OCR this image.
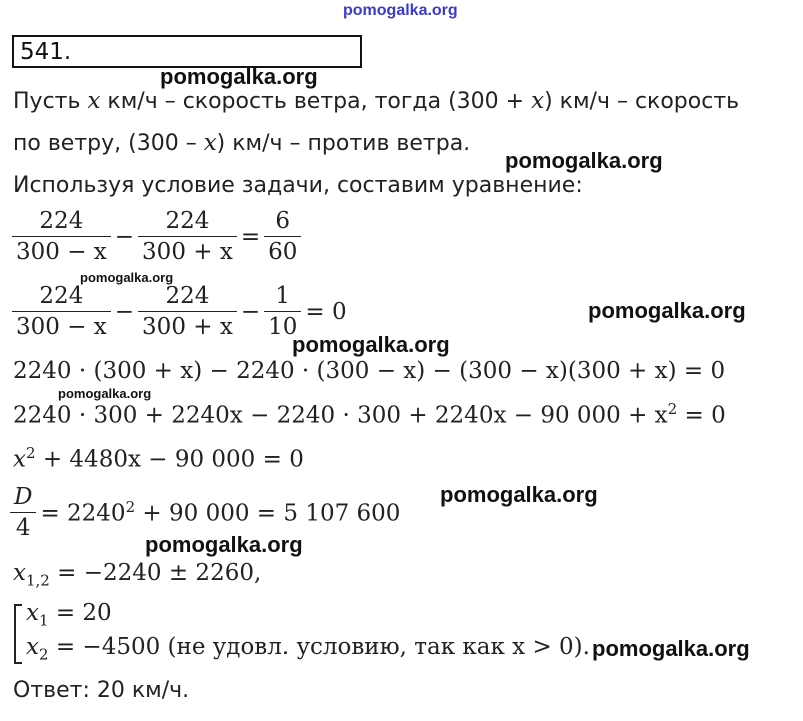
pomogalka.org
541.
pomogalka.org
Пусть x км/ч – скорость ветра, тогда (300 + x) км/ч – скорость
по ветру, (300 – x) км/ч – против ветра.
pomogalka.org
Используя условие задачи, составим уравнение:
$\frac{224}{300 - x} - \frac{224}{300 + x} = \frac{6}{60}$
pomogalka.org
$\frac{224}{300 - x} - \frac{224}{300 + x} - \frac{1}{10} = 0$	pomogalka.org
pomogalka.org
2240 · (300 + x) − 2240 · (300 − x) − (300 − x)(300 + x) = 0
pomogalka.org
2240 · 300 + 2240x − 2240 · 300 + 2240x − 90 $000 + x^2 = 0$
$x^2 + 4480x - 90$ 000 = 0
pomogalka.org
$\frac{D}{4} = 2240^2 + 90$ 000 = 5 107 600
pomogalka.org
$x_{1,2} = -2240 \pm 2260$,
$x_1 = 20$
$x_2 = -4500$ (не удовл. условию, так как x > 0). pomogalka.org
Ответ: 20 км/ч.
